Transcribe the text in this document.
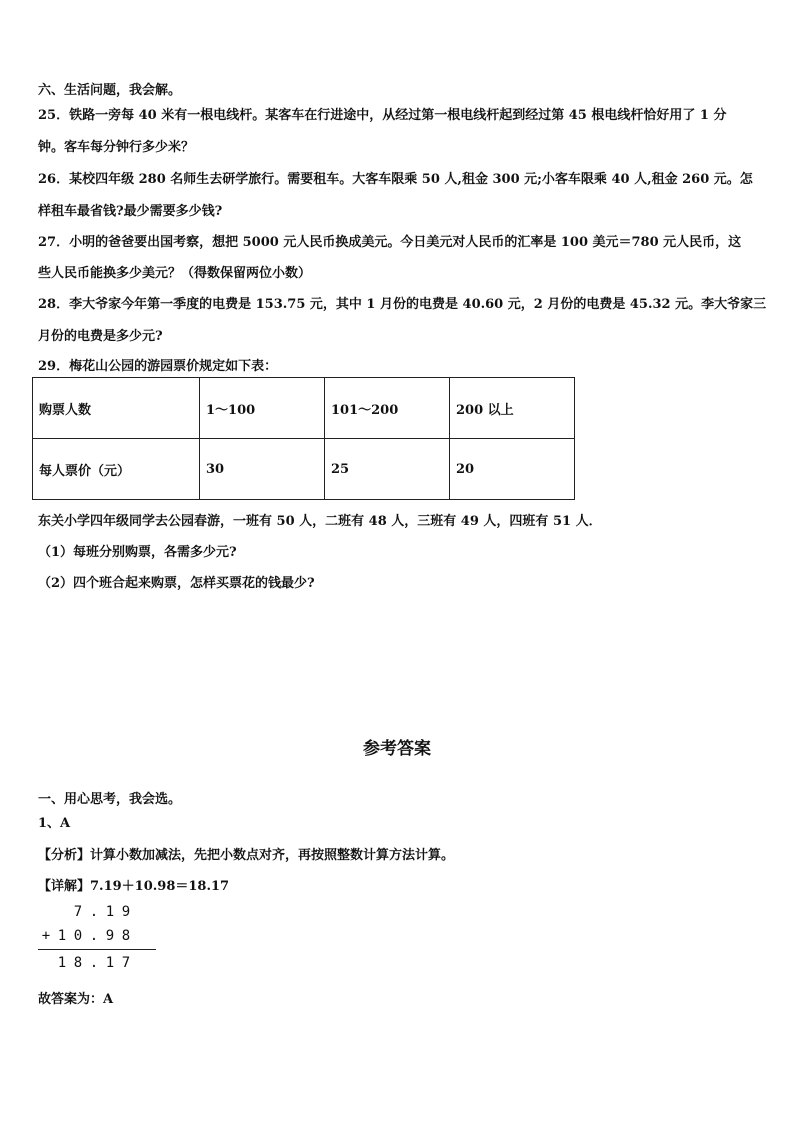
六、生活问题，我会解。
25．铁路一旁每 40 米有一根电线杆。某客车在行进途中，从经过第一根电线杆起到经过第 45 根电线杆恰好用了 1 分
钟。客车每分钟行多少米？
26．某校四年级 280 名师生去研学旅行。需要租车。大客车限乘 50 人,租金 300 元;小客车限乘 40 人,租金 260 元。怎
样租车最省钱?最少需要多少钱?
27．小明的爸爸要出国考察，想把 5000 元人民币换成美元。今日美元对人民币的汇率是 100 美元＝780 元人民币，这
些人民币能换多少美元？（得数保留两位小数）
28．李大爷家今年第一季度的电费是 153.75 元，其中 1 月份的电费是 40.60 元，2 月份的电费是 45.32 元。李大爷家三
月份的电费是多少元?
29．梅花山公园的游园票价规定如下表：
购票人数	1～100	101～200	200 以上
每人票价（元）	30	25	20
东关小学四年级同学去公园春游，一班有 50 人，二班有 48 人，三班有 49 人，四班有 51 人．
（1）每班分别购票，各需多少元?
（2）四个班合起来购票，怎样买票花的钱最少?
参考答案
一、用心思考，我会选。
1、A
【分析】计算小数加减法，先把小数点对齐，再按照整数计算方法计算。
【详解】7.19＋10.98＝18.17
7 . 1 9
+ 1 0 . 9 8
1 8 . 1 7
故答案为：A
